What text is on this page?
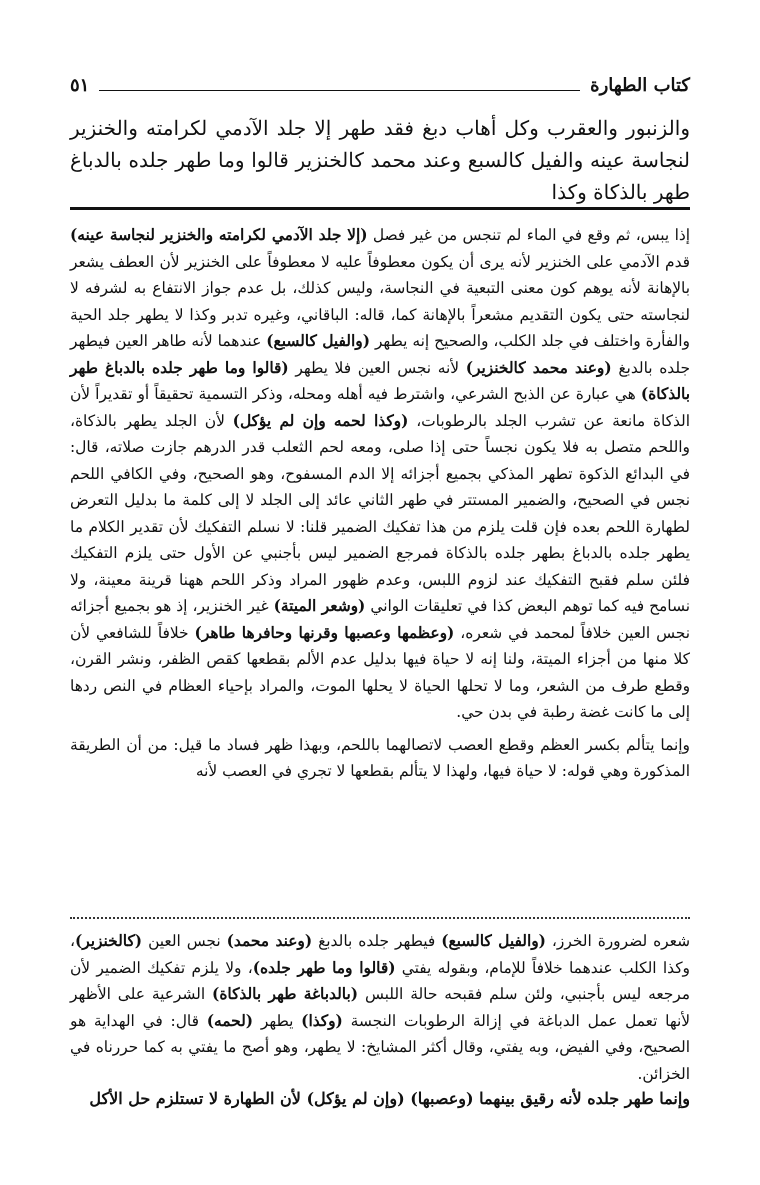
كتاب الطهارة
٥١

والزنبور والعقرب وكل أهاب دبغ فقد طهر إلا جلد الآدمي لكرامته والخنزير لنجاسة عينه والفيل كالسبع وعند محمد كالخنزير قالوا وما طهر جلده بالدباغ طهر بالذكاة وكذا

إذا يبس، ثم وقع في الماء لم تنجس من غير فصل (إلا جلد الآدمي لكرامته والخنزير لنجاسة عينه) قدم الآدمي على الخنزير لأنه يرى أن يكون معطوفاً عليه لا معطوفاً على الخنزير لأن العطف يشعر بالإهانة لأنه يوهم كون معنى التبعية في النجاسة، وليس كذلك، بل عدم جواز الانتفاع به لشرفه لا لنجاسته حتى يكون التقديم مشعراً بالإهانة كما، قاله: الباقاني، وغيره تدبر وكذا لا يطهر جلد الحية والفأرة واختلف في جلد الكلب، والصحيح إنه يطهر (والفيل كالسبع) عندهما لأنه طاهر العين فيطهر جلده بالدبغ (وعند محمد كالخنزير) لأنه نجس العين فلا يطهر (قالوا وما طهر جلده بالدباغ طهر بالذكاة) هي عبارة عن الذبح الشرعي، واشترط فيه أهله ومحله، وذكر التسمية تحقيقاً أو تقديراً لأن الذكاة مانعة عن تشرب الجلد بالرطوبات، (وكذا لحمه وإن لم يؤكل) لأن الجلد يطهر بالذكاة، واللحم متصل به فلا يكون نجساً حتى إذا صلى، ومعه لحم الثعلب قدر الدرهم جازت صلاته، قال: في البدائع الذكوة تطهر المذكي بجميع أجزائه إلا الدم المسفوح، وهو الصحيح، وفي الكافي اللحم نجس في الصحيح، والضمير المستتر في طهر الثاني عائد إلى الجلد لا إلى كلمة ما بدليل التعرض لطهارة اللحم بعده فإن قلت يلزم من هذا تفكيك الضمير قلنا: لا نسلم التفكيك لأن تقدير الكلام ما يطهر جلده بالدباغ بطهر جلده بالذكاة فمرجع الضمير ليس بأجنبي عن الأول حتى يلزم التفكيك فلئن سلم فقبح التفكيك عند لزوم اللبس، وعدم ظهور المراد وذكر اللحم ههنا قرينة معينة، ولا نسامح فيه كما توهم البعض كذا في تعليقات الواني (وشعر الميتة) غير الخنزير، إذ هو بجميع أجزائه نجس العين خلافاً لمحمد في شعره، (وعظمها وعصبها وقرنها وحافرها طاهر) خلافاً للشافعي لأن كلا منها من أجزاء الميتة، ولنا إنه لا حياة فيها بدليل عدم الألم بقطعها كقص الظفر، ونشر القرن، وقطع طرف من الشعر، وما لا تحلها الحياة لا يحلها الموت، والمراد بإحياء العظام في النص ردها إلى ما كانت غضة رطبة في بدن حي.

وإنما يتألم بكسر العظم وقطع العصب لاتصالهما باللحم، وبهذا ظهر فساد ما قيل: من أن الطريقة المذكورة وهي قوله: لا حياة فيها، ولهذا لا يتألم بقطعها لا تجري في العصب لأنه

شعره لضرورة الخرز، (والفيل كالسبع) فيطهر جلده بالدبغ (وعند محمد) نجس العين (كالخنزير)، وكذا الكلب عندهما خلافاً للإمام، وبقوله يفتي (قالوا وما طهر جلده)، ولا يلزم تفكيك الضمير لأن مرجعه ليس بأجنبي، ولئن سلم فقبحه حالة اللبس (بالدباغة طهر بالذكاة) الشرعية على الأظهر لأنها تعمل عمل الدباغة في إزالة الرطوبات النجسة (وكذا) يطهر (لحمه) قال: في الهداية هو الصحيح، وفي الفيض، وبه يفتي، وقال أكثر المشايخ: لا يطهر، وهو أصح ما يفتي به كما حررناه في الخزائن.

وإنما طهر جلده لأنه رقيق بينهما (وعصبها) (وإن لم يؤكل) لأن الطهارة لا تستلزم حل الأكل
